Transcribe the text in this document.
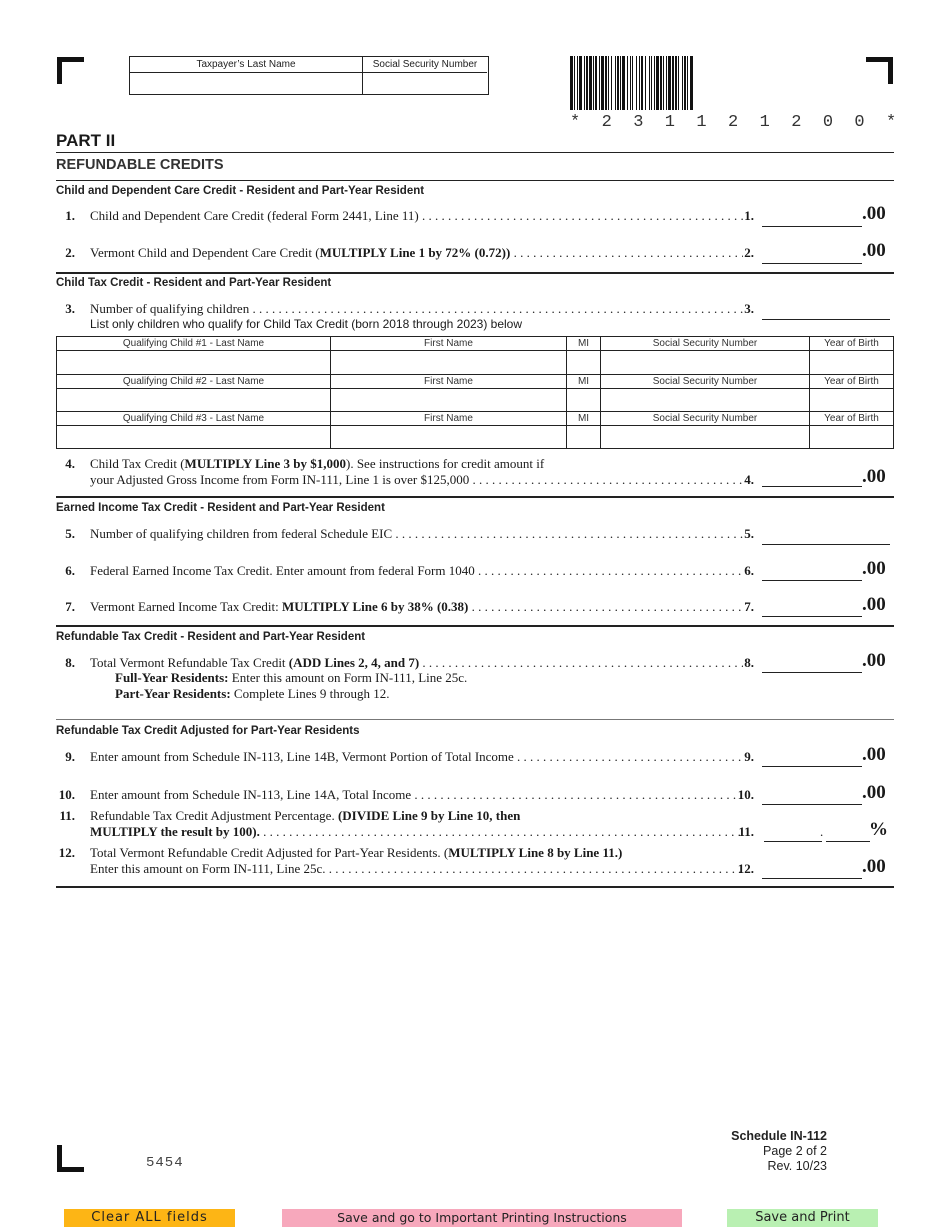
Taxpayer’s Last Name	Social Security Number
* 2 3 1 1 2 1 2 0 0 *
PART II
REFUNDABLE CREDITS
Child and Dependent Care Credit - Resident and Part-Year Resident
1. Child and Dependent Care Credit (federal Form 2441, Line 11) . . .	1.	.00
2. Vermont Child and Dependent Care Credit (MULTIPLY Line 1 by 72% (0.72)) . . .	2.	.00
Child Tax Credit - Resident and Part-Year Resident
3. Number of qualifying children . . .	3.
List only children who qualify for Child Tax Credit (born 2018 through 2023) below
Qualifying Child #1 - Last Name	First Name	MI	Social Security Number	Year of Birth
Qualifying Child #2 - Last Name	First Name	MI	Social Security Number	Year of Birth
Qualifying Child #3 - Last Name	First Name	MI	Social Security Number	Year of Birth
4. Child Tax Credit (MULTIPLY Line 3 by $1,000). See instructions for credit amount if
your Adjusted Gross Income from Form IN-111, Line 1 is over $125,000 . . .	4.	.00
Earned Income Tax Credit - Resident and Part-Year Resident
5. Number of qualifying children from federal Schedule EIC . . .	5.
6. Federal Earned Income Tax Credit. Enter amount from federal Form 1040 . . .	6.	.00
7. Vermont Earned Income Tax Credit: MULTIPLY Line 6 by 38% (0.38) . . .	7.	.00
Refundable Tax Credit - Resident and Part-Year Resident
8. Total Vermont Refundable Tax Credit (ADD Lines 2, 4, and 7) . . .	8.	.00
Full-Year Residents: Enter this amount on Form IN-111, Line 25c.
Part-Year Residents: Complete Lines 9 through 12.
Refundable Tax Credit Adjusted for Part-Year Residents
9. Enter amount from Schedule IN-113, Line 14B, Vermont Portion of Total Income . . .	9.	.00
10. Enter amount from Schedule IN-113, Line 14A, Total Income . . .	10.	.00
11. Refundable Tax Credit Adjustment Percentage. (DIVIDE Line 9 by Line 10, then
MULTIPLY the result by 100). . . .	11.	. %
12. Total Vermont Refundable Credit Adjusted for Part-Year Residents. (MULTIPLY Line 8 by Line 11.)
Enter this amount on Form IN-111, Line 25c. . . .	12.	.00
5454
Schedule IN-112
Page 2 of 2
Rev. 10/23
Clear ALL fields	Save and go to Important Printing Instructions	Save and Print
